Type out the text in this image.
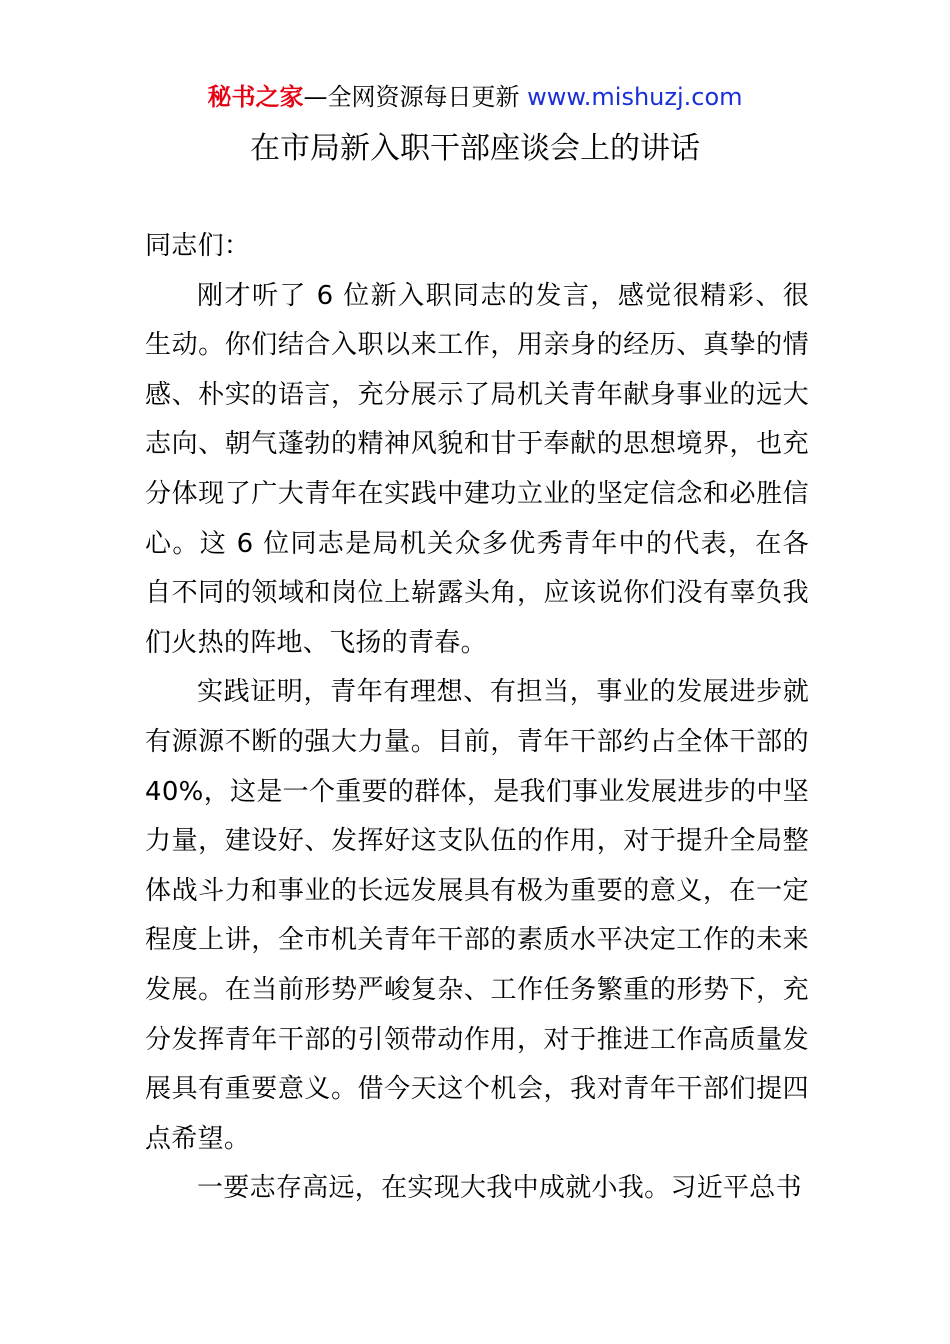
秘书之家—全网资源每日更新 www.mishuzj.com
在市局新入职干部座谈会上的讲话

同志们：

刚才听了 6 位新入职同志的发言，感觉很精彩、很生动。你们结合入职以来工作，用亲身的经历、真挚的情感、朴实的语言，充分展示了局机关青年献身事业的远大志向、朝气蓬勃的精神风貌和甘于奉献的思想境界，也充分体现了广大青年在实践中建功立业的坚定信念和必胜信心。这 6 位同志是局机关众多优秀青年中的代表，在各自不同的领域和岗位上崭露头角，应该说你们没有辜负我们火热的阵地、飞扬的青春。

实践证明，青年有理想、有担当，事业的发展进步就有源源不断的强大力量。目前，青年干部约占全体干部的40%，这是一个重要的群体，是我们事业发展进步的中坚力量，建设好、发挥好这支队伍的作用，对于提升全局整体战斗力和事业的长远发展具有极为重要的意义，在一定程度上讲，全市机关青年干部的素质水平决定工作的未来发展。在当前形势严峻复杂、工作任务繁重的形势下，充分发挥青年干部的引领带动作用，对于推进工作高质量发展具有重要意义。借今天这个机会，我对青年干部们提四点希望。

一要志存高远，在实现大我中成就小我。习近平总书
